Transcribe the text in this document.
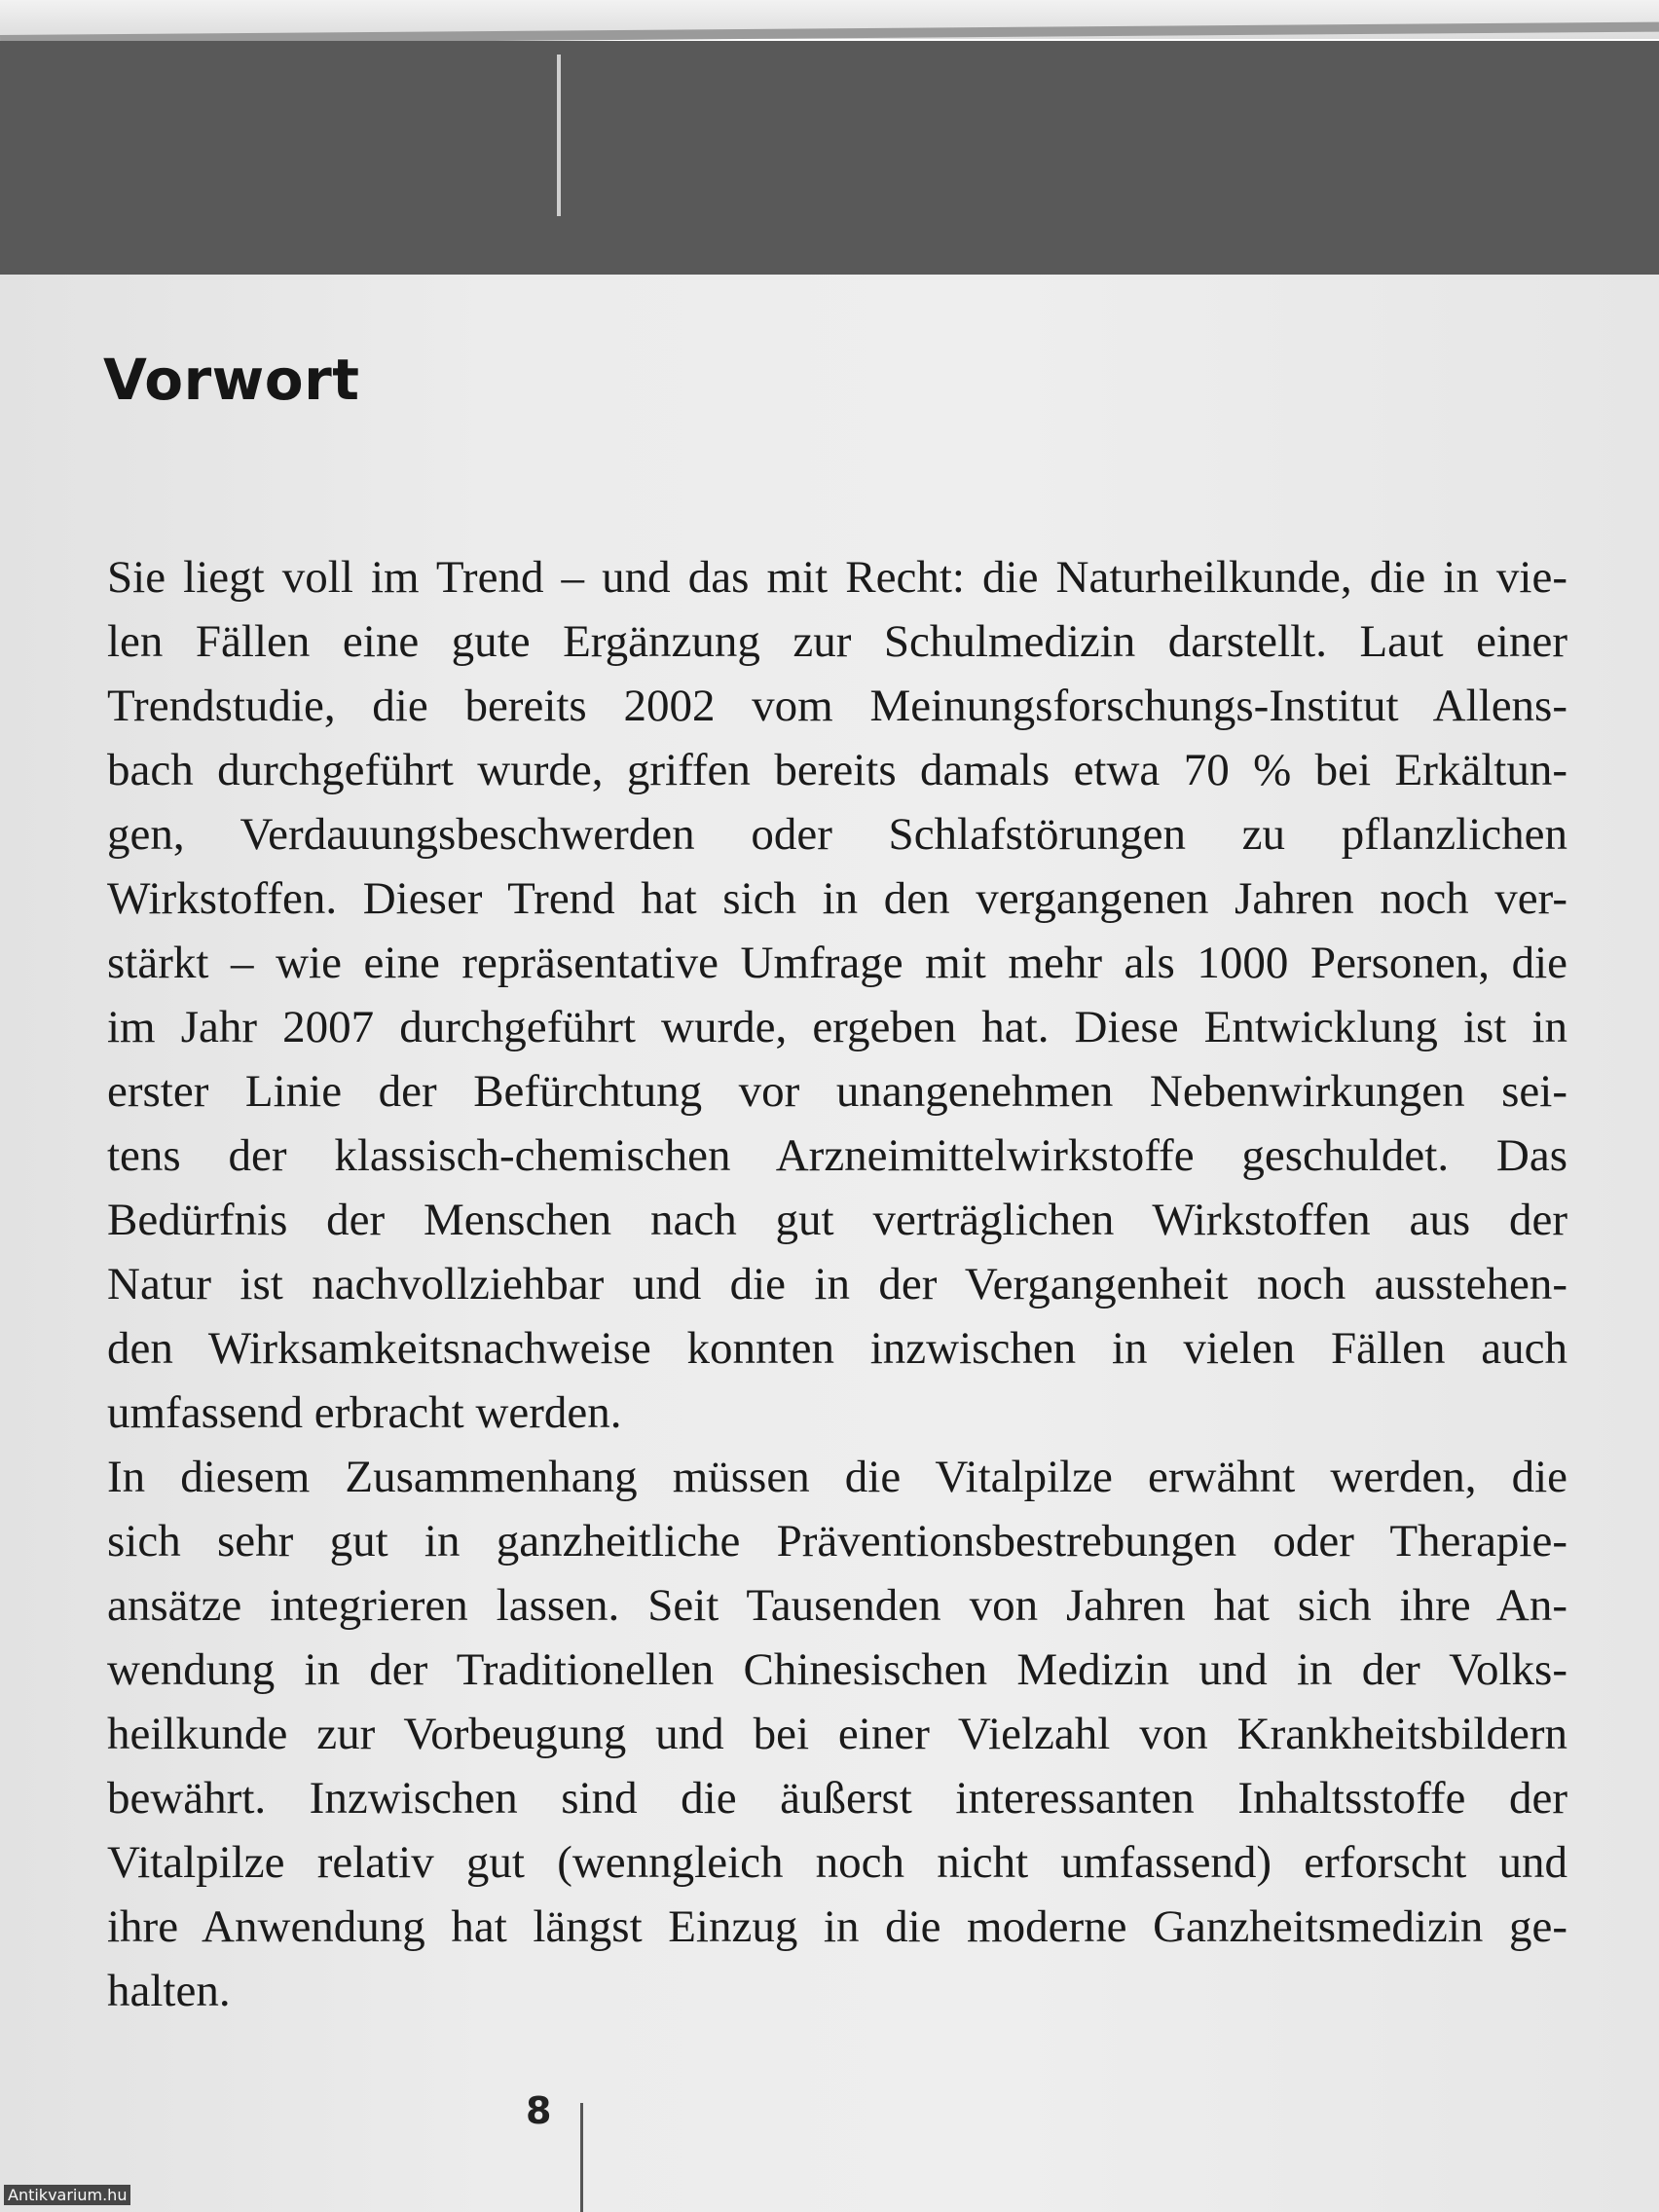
Vorwort
Sie liegt voll im Trend – und das mit Recht: die Naturheilkunde, die in vie-
len Fällen eine gute Ergänzung zur Schulmedizin darstellt. Laut einer
Trendstudie, die bereits 2002 vom Meinungsforschungs-Institut Allens-
bach durchgeführt wurde, griffen bereits damals etwa 70 % bei Erkältun-
gen, Verdauungsbeschwerden oder Schlafstörungen zu pflanzlichen
Wirkstoffen. Dieser Trend hat sich in den vergangenen Jahren noch ver-
stärkt – wie eine repräsentative Umfrage mit mehr als 1000 Personen, die
im Jahr 2007 durchgeführt wurde, ergeben hat. Diese Entwicklung ist in
erster Linie der Befürchtung vor unangenehmen Nebenwirkungen sei-
tens der klassisch-chemischen Arzneimittelwirkstoffe geschuldet. Das
Bedürfnis der Menschen nach gut verträglichen Wirkstoffen aus der
Natur ist nachvollziehbar und die in der Vergangenheit noch ausstehen-
den Wirksamkeitsnachweise konnten inzwischen in vielen Fällen auch
umfassend erbracht werden.
In diesem Zusammenhang müssen die Vitalpilze erwähnt werden, die
sich sehr gut in ganzheitliche Präventionsbestrebungen oder Therapie-
ansätze integrieren lassen. Seit Tausenden von Jahren hat sich ihre An-
wendung in der Traditionellen Chinesischen Medizin und in der Volks-
heilkunde zur Vorbeugung und bei einer Vielzahl von Krankheitsbildern
bewährt. Inzwischen sind die äußerst interessanten Inhaltsstoffe der
Vitalpilze relativ gut (wenngleich noch nicht umfassend) erforscht und
ihre Anwendung hat längst Einzug in die moderne Ganzheitsmedizin ge-
halten.
8
Antikvarium.hu
